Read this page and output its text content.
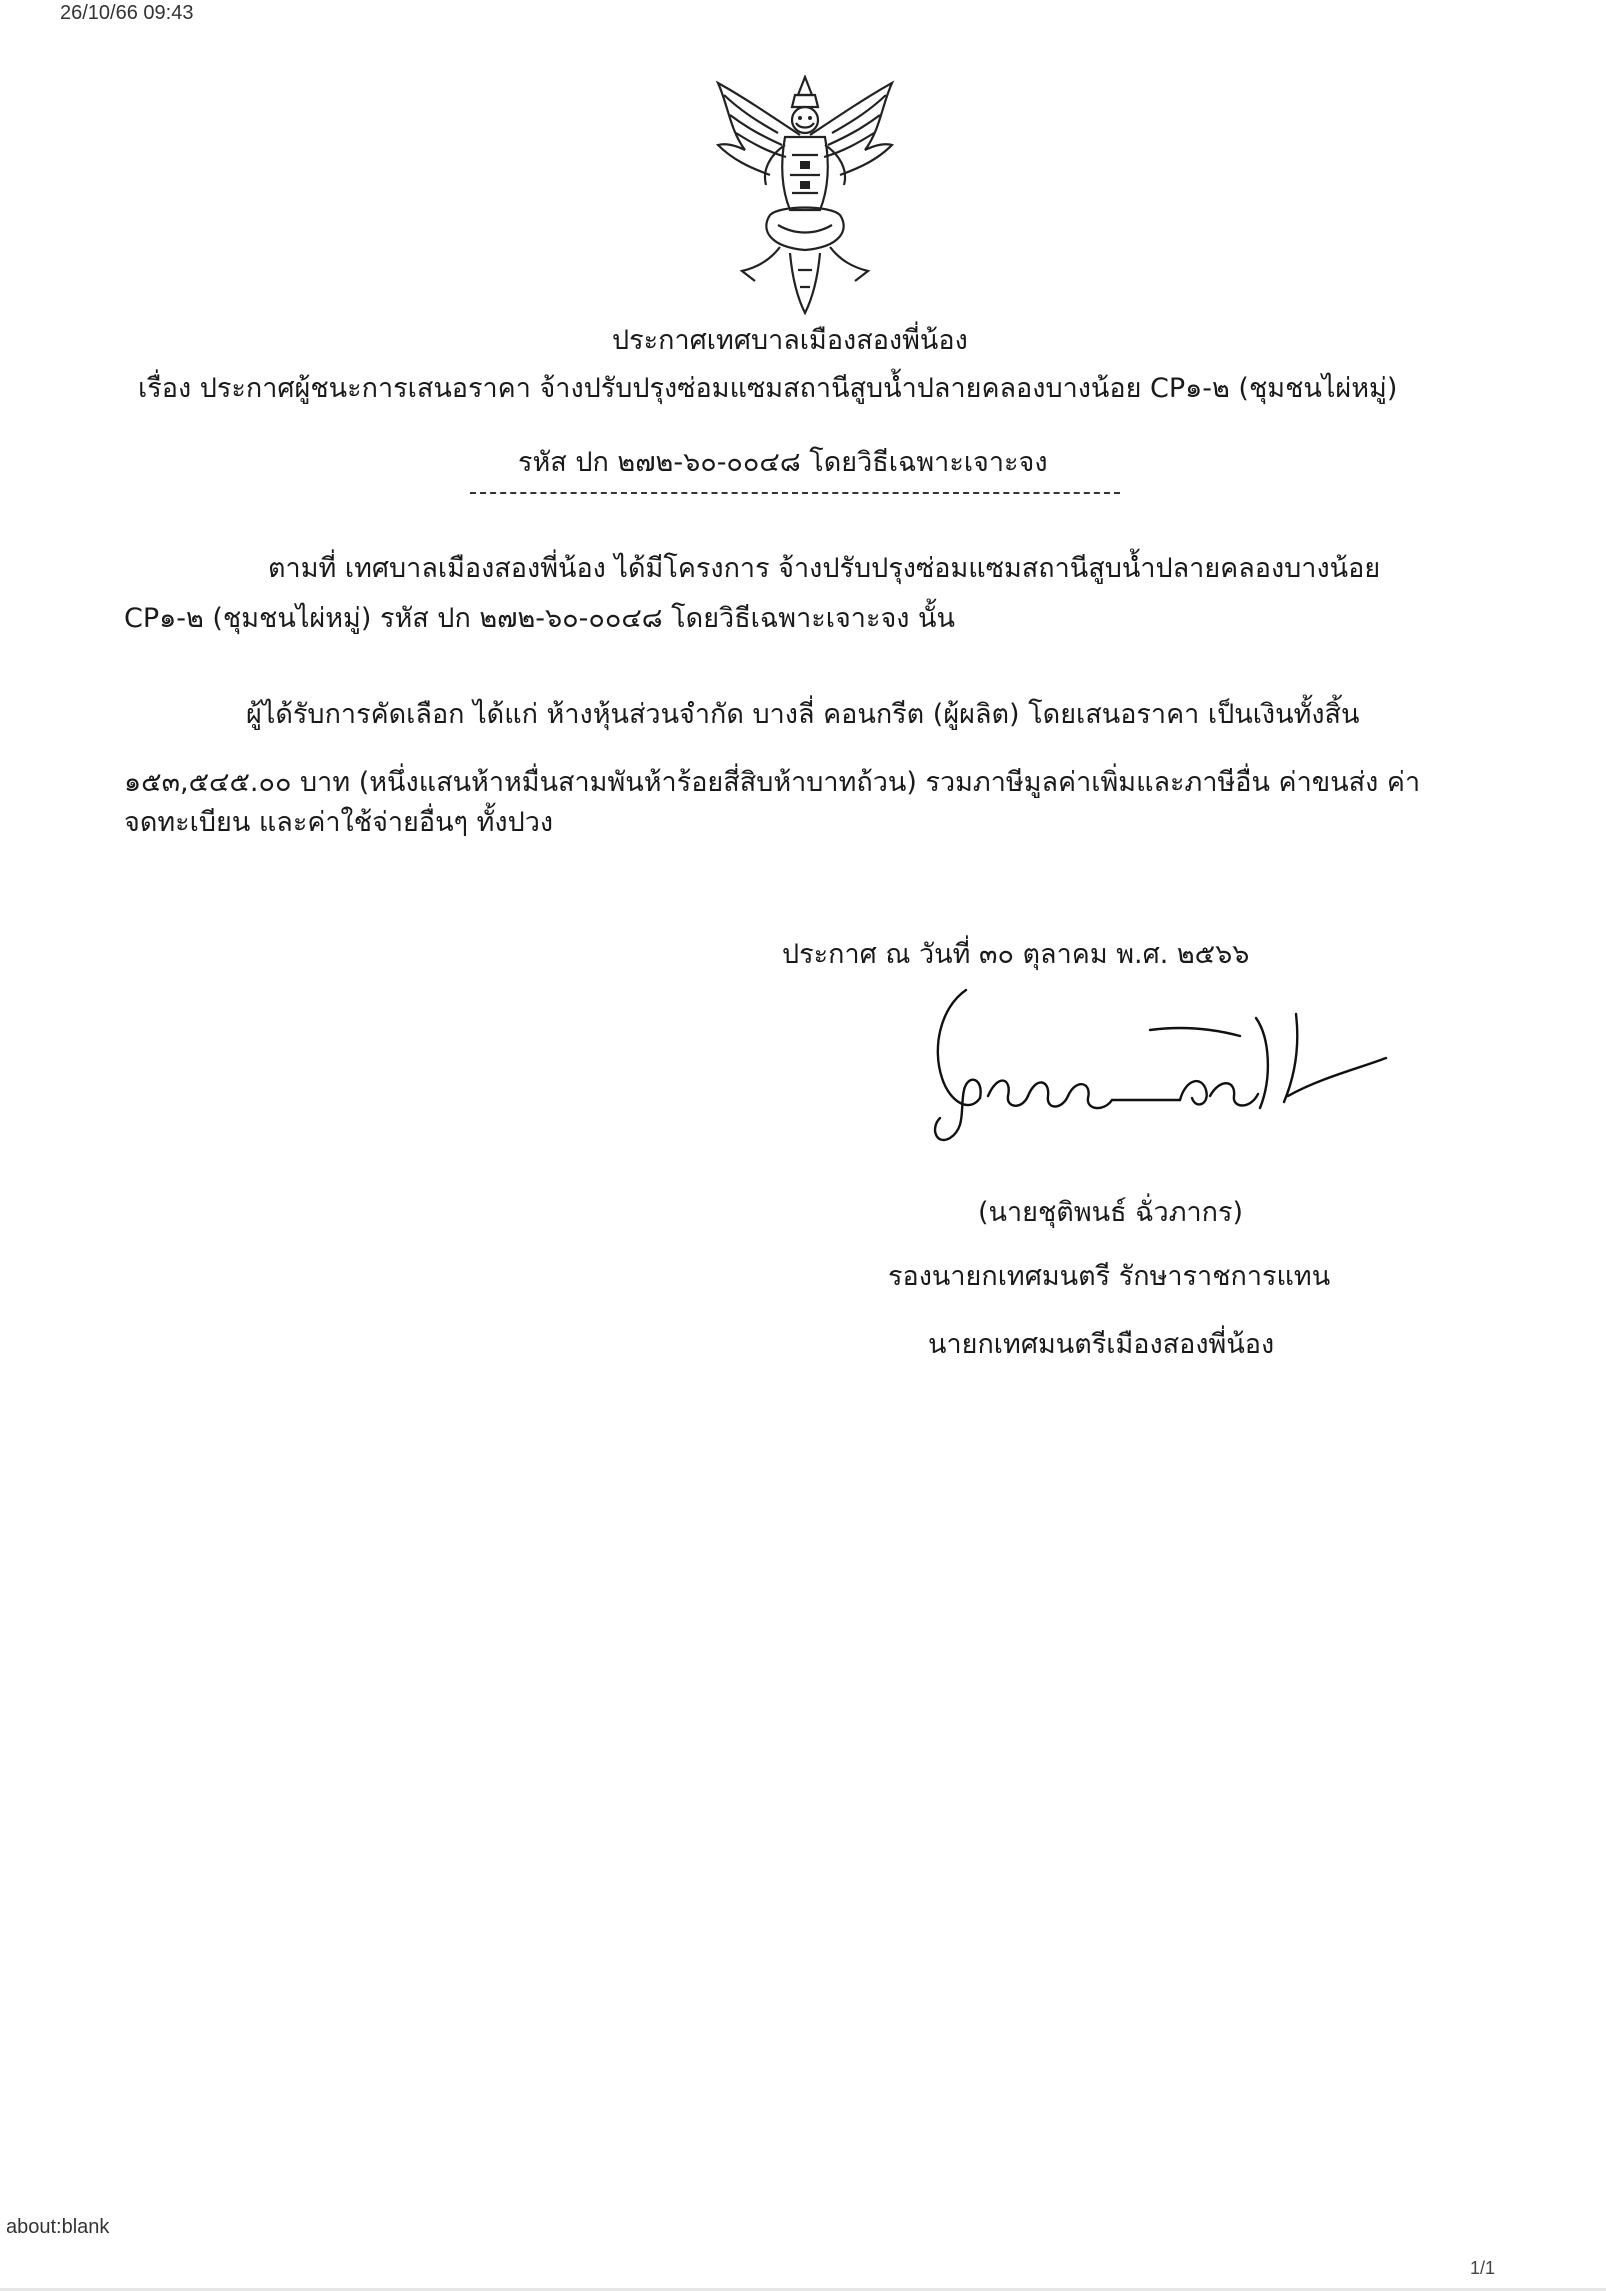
26/10/66 09:43

ประกาศเทศบาลเมืองสองพี่น้อง

เรื่อง ประกาศผู้ชนะการเสนอราคา จ้างปรับปรุงซ่อมแซมสถานีสูบน้ำปลายคลองบางน้อย CP๑-๒ (ชุมชนไผ่หมู่)

รหัส ปก ๒๗๒-๖๐-๐๐๔๘ โดยวิธีเฉพาะเจาะจง

ตามที่ เทศบาลเมืองสองพี่น้อง ได้มีโครงการ จ้างปรับปรุงซ่อมแซมสถานีสูบน้ำปลายคลองบางน้อย

CP๑-๒ (ชุมชนไผ่หมู่) รหัส ปก ๒๗๒-๖๐-๐๐๔๘ โดยวิธีเฉพาะเจาะจง นั้น

ผู้ได้รับการคัดเลือก ได้แก่ ห้างหุ้นส่วนจำกัด บางลี่ คอนกรีต (ผู้ผลิต) โดยเสนอราคา เป็นเงินทั้งสิ้น

๑๕๓,๕๔๕.๐๐ บาท (หนึ่งแสนห้าหมื่นสามพันห้าร้อยสี่สิบห้าบาทถ้วน) รวมภาษีมูลค่าเพิ่มและภาษีอื่น ค่าขนส่ง ค่า

จดทะเบียน และค่าใช้จ่ายอื่นๆ ทั้งปวง

ประกาศ ณ วันที่ ๓๐ ตุลาคม พ.ศ. ๒๕๖๖

(นายชุติพนธ์ ฉั่วภากร)

รองนายกเทศมนตรี รักษาราชการแทน

นายกเทศมนตรีเมืองสองพี่น้อง

about:blank
1/1
